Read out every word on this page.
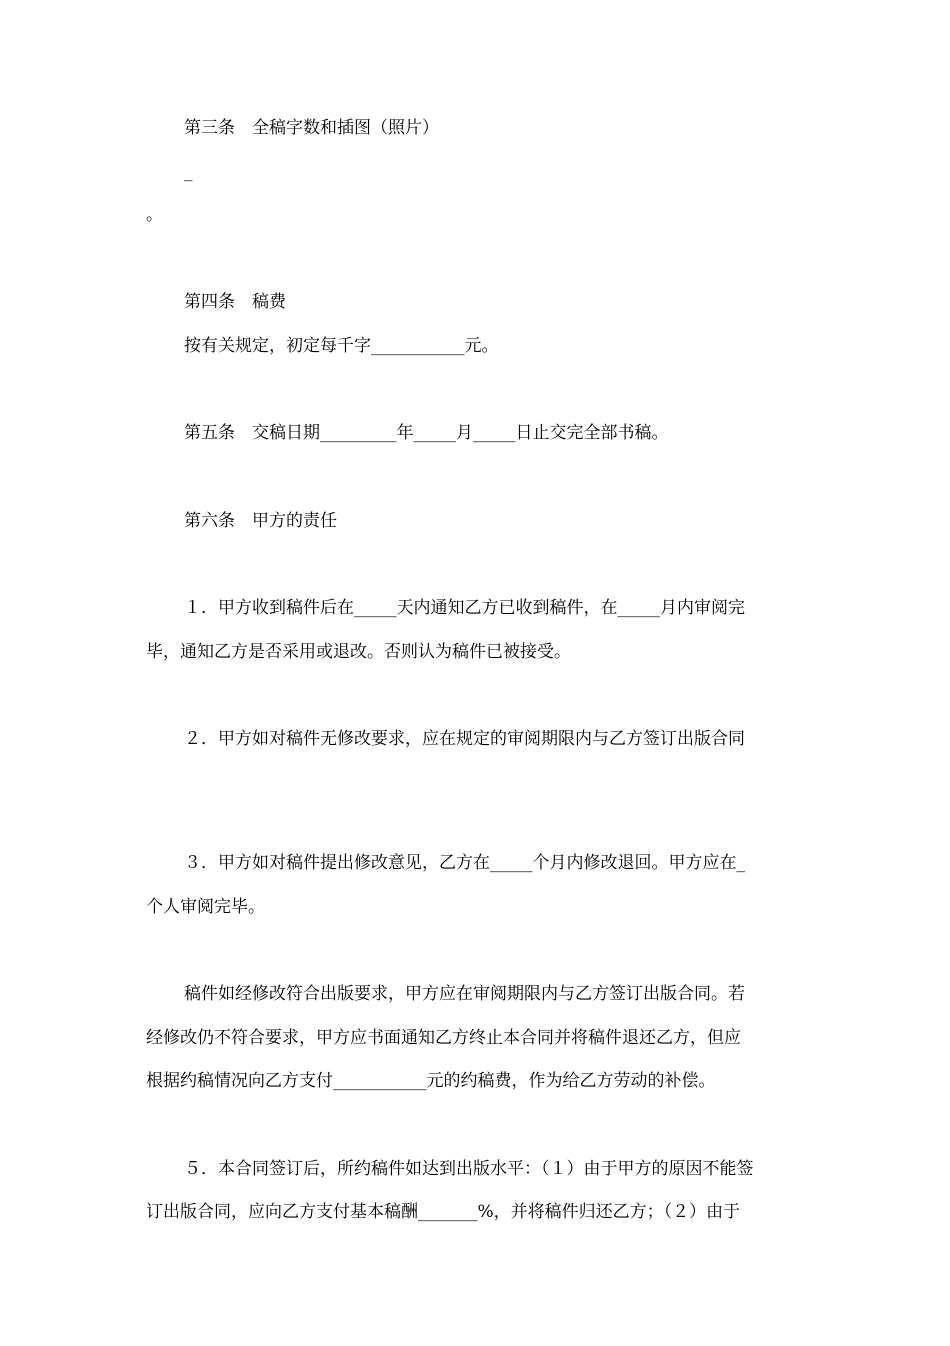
第三条　全稿字数和插图（照片）

_

。

第四条　稿费

按有关规定，初定每千字___________元。

第五条　交稿日期_________年_____月_____日止交完全部书稿。

第六条　甲方的责任

１．甲方收到稿件后在_____天内通知乙方已收到稿件，在_____月内审阅完

毕，通知乙方是否采用或退改。否则认为稿件已被接受。

２．甲方如对稿件无修改要求，应在规定的审阅期限内与乙方签订出版合同

３．甲方如对稿件提出修改意见，乙方在_____个月内修改退回。甲方应在_

个人审阅完毕。

稿件如经修改符合出版要求，甲方应在审阅期限内与乙方签订出版合同。若

经修改仍不符合要求，甲方应书面通知乙方终止本合同并将稿件退还乙方，但应

根据约稿情况向乙方支付___________元的约稿费，作为给乙方劳动的补偿。

５．本合同签订后，所约稿件如达到出版水平：（１）由于甲方的原因不能签

订出版合同，应向乙方支付基本稿酬_______%，并将稿件归还乙方；（２）由于
